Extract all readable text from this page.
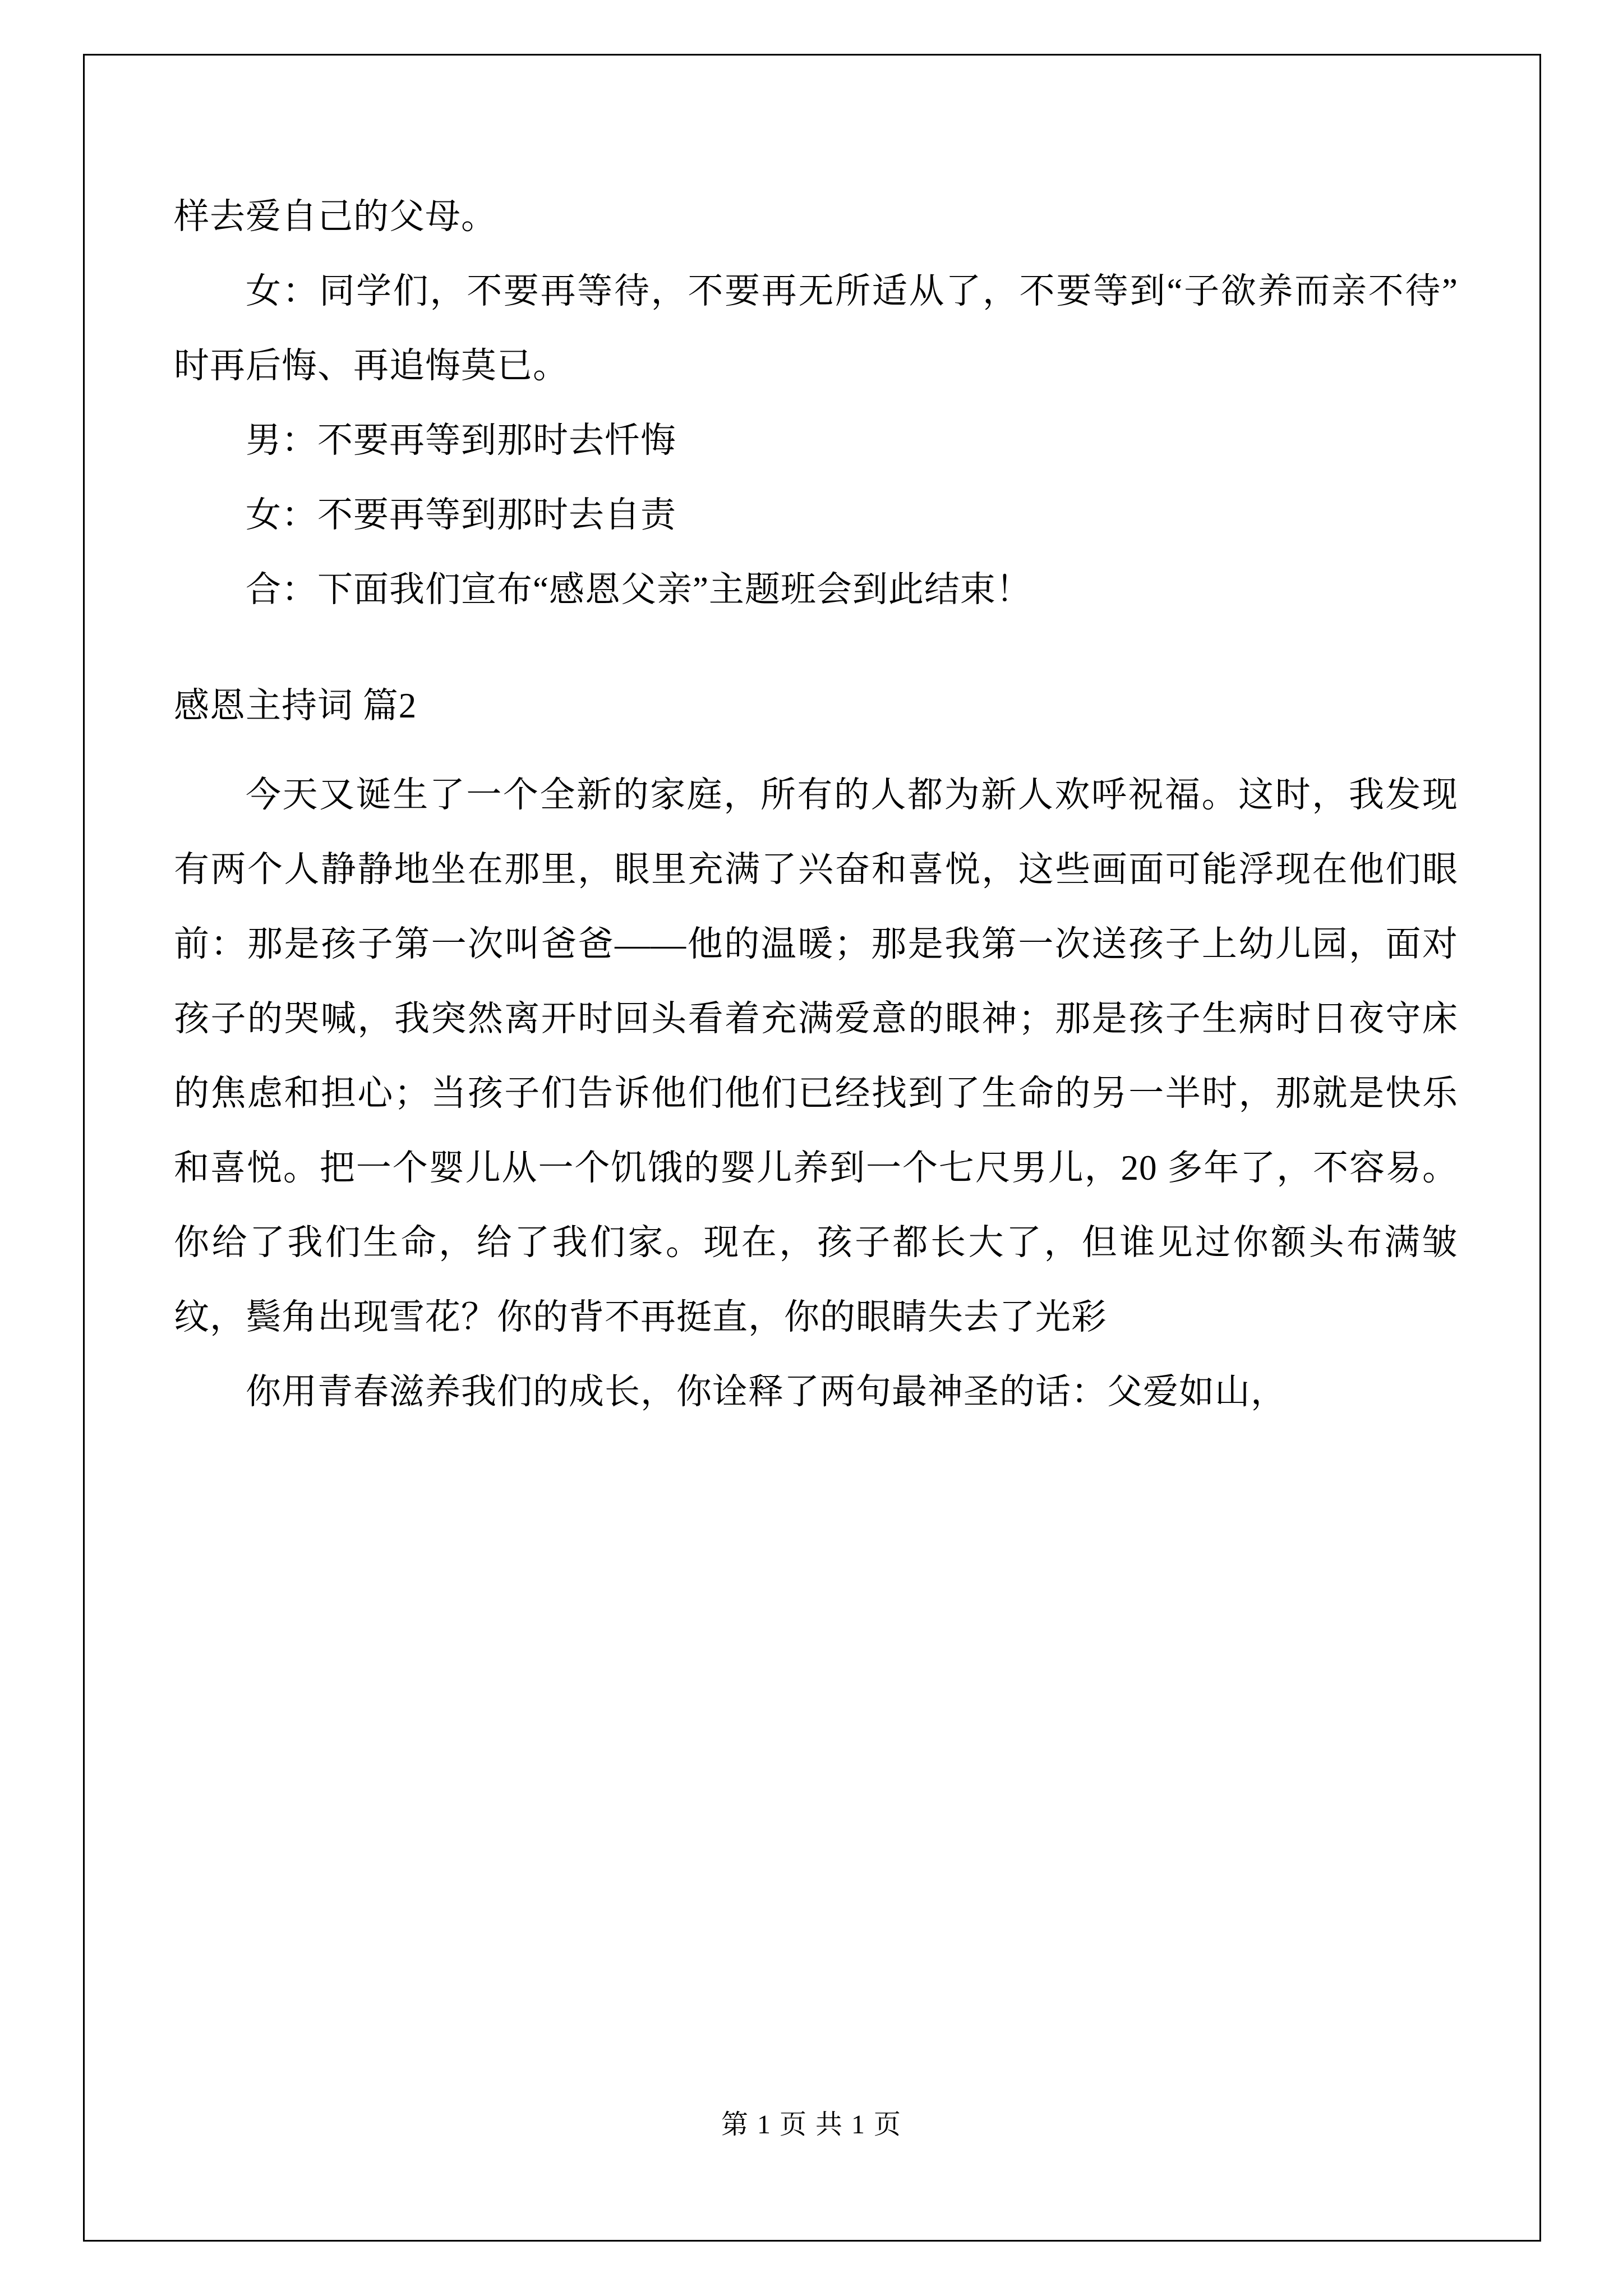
样去爱自己的父母。

女：同学们，不要再等待，不要再无所适从了，不要等到“子欲养而亲不待”时再后悔、再追悔莫已。

男：不要再等到那时去忏悔

女：不要再等到那时去自责

合：下面我们宣布“感恩父亲”主题班会到此结束！

感恩主持词 篇2

今天又诞生了一个全新的家庭，所有的人都为新人欢呼祝福。这时，我发现有两个人静静地坐在那里，眼里充满了兴奋和喜悦，这些画面可能浮现在他们眼前：那是孩子第一次叫爸爸——他的温暖；那是我第一次送孩子上幼儿园，面对孩子的哭喊，我突然离开时回头看着充满爱意的眼神；那是孩子生病时日夜守床的焦虑和担心；当孩子们告诉他们他们已经找到了生命的另一半时，那就是快乐和喜悦。把一个婴儿从一个饥饿的婴儿养到一个七尺男儿，20 多年了，不容易。你给了我们生命，给了我们家。现在，孩子都长大了，但谁见过你额头布满皱纹，鬓角出现雪花？你的背不再挺直，你的眼睛失去了光彩

你用青春滋养我们的成长，你诠释了两句最神圣的话：父爱如山，

第 1 页 共 1 页
